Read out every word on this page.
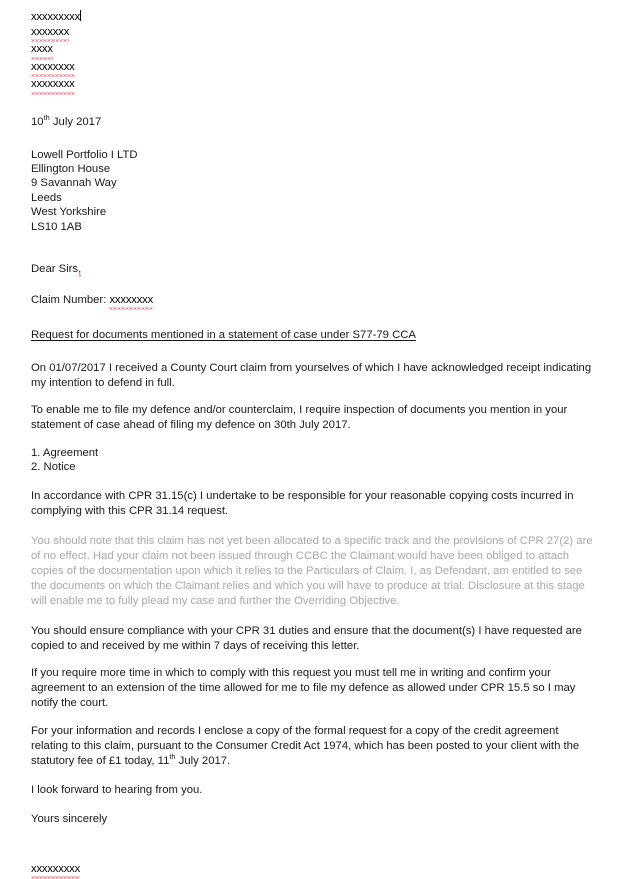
xxxxxxxxx
xxxxxxx
xxxx
xxxxxxxx
xxxxxxxx
10th July 2017
Lowell Portfolio I LTD
Ellington House
9 Savannah Way
Leeds
West Yorkshire
LS10 1AB
Dear Sirs,
Claim Number: xxxxxxxx
Request for documents mentioned in a statement of case under S77-79 CCA

On 01/07/2017 I received a County Court claim from yourselves of which I have acknowledged receipt indicating my intention to defend in full.

To enable me to file my defence and/or counterclaim, I require inspection of documents you mention in your statement of case ahead of filing my defence on 30th July 2017.

1. Agreement
2. Notice

In accordance with CPR 31.15(c) I undertake to be responsible for your reasonable copying costs incurred in complying with this CPR 31.14 request.

You should note that this claim has not yet been allocated to a specific track and the provisions of CPR 27(2) are of no effect. Had your claim not been issued through CCBC the Claimant would have been obliged to attach copies of the documentation upon which it relies to the Particulars of Claim. I, as Defendant, am entitled to see the documents on which the Claimant relies and which you will have to produce at trial. Disclosure at this stage will enable me to fully plead my case and further the Overriding Objective.

You should ensure compliance with your CPR 31 duties and ensure that the document(s) I have requested are copied to and received by me within 7 days of receiving this letter.

If you require more time in which to comply with this request you must tell me in writing and confirm your agreement to an extension of the time allowed for me to file my defence as allowed under CPR 15.5 so I may notify the court.

For your information and records I enclose a copy of the formal request for a copy of the credit agreement relating to this claim, pursuant to the Consumer Credit Act 1974, which has been posted to your client with the statutory fee of £1 today, 11th July 2017.

I look forward to hearing from you.

Yours sincerely

xxxxxxxxx
